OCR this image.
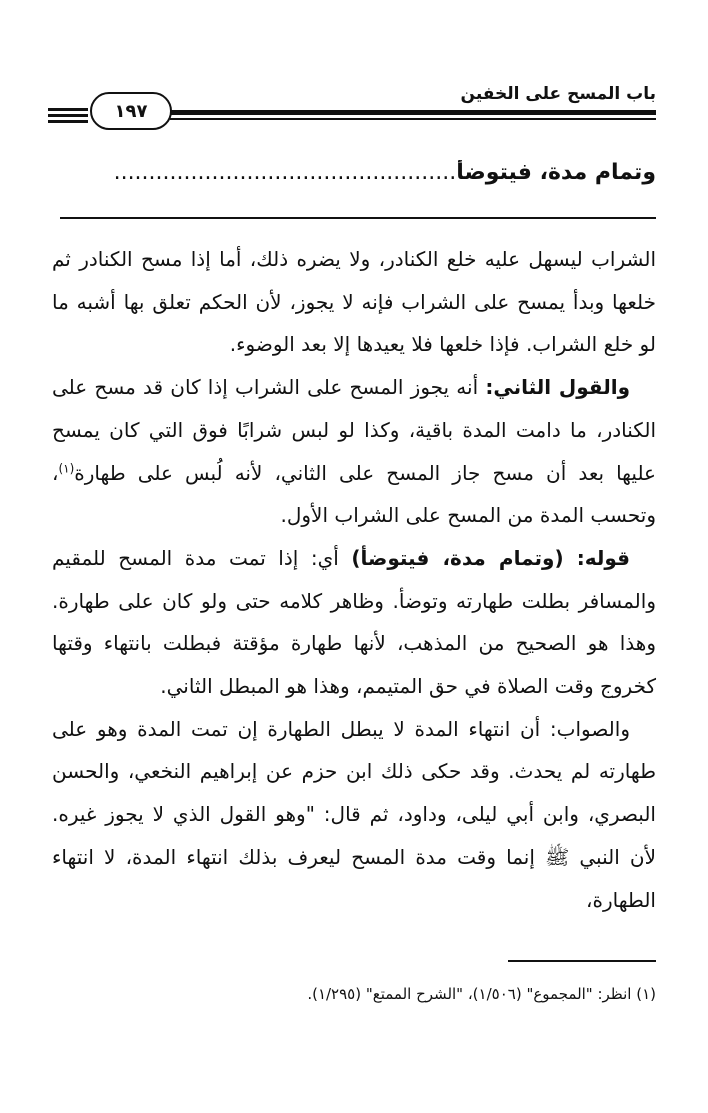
باب المسح على الخفين
١٩٧
وتمام مدة، فيتوضأ.................................................

الشراب ليسهل عليه خلع الكنادر، ولا يضره ذلك، أما إذا مسح الكنادر ثم خلعها وبدأ يمسح على الشراب فإنه لا يجوز، لأن الحكم تعلق بها أشبه ما لو خلع الشراب. فإذا خلعها فلا يعيدها إلا بعد الوضوء.

والقول الثاني: أنه يجوز المسح على الشراب إذا كان قد مسح على الكنادر، ما دامت المدة باقية، وكذا لو لبس شرابًا فوق التي كان يمسح عليها بعد أن مسح جاز المسح على الثاني، لأنه لُبس على طهارة$^{(١)}$، وتحسب المدة من المسح على الشراب الأول.

قوله: (وتمام مدة، فيتوضأ) أي: إذا تمت مدة المسح للمقيم والمسافر بطلت طهارته وتوضأ. وظاهر كلامه حتى ولو كان على طهارة. وهذا هو الصحيح من المذهب، لأنها طهارة مؤقتة فبطلت بانتهاء وقتها كخروج وقت الصلاة في حق المتيمم، وهذا هو المبطل الثاني.

والصواب: أن انتهاء المدة لا يبطل الطهارة إن تمت المدة وهو على طهارته لم يحدث. وقد حكى ذلك ابن حزم عن إبراهيم النخعي، والحسن البصري، وابن أبي ليلى، وداود، ثم قال: "وهو القول الذي لا يجوز غيره. لأن النبي ﷺ إنما وقت مدة المسح ليعرف بذلك انتهاء المدة، لا انتهاء الطهارة،

(١) انظر: "المجموع" (١/٥٠٦)، "الشرح الممتع" (١/٢٩٥).
